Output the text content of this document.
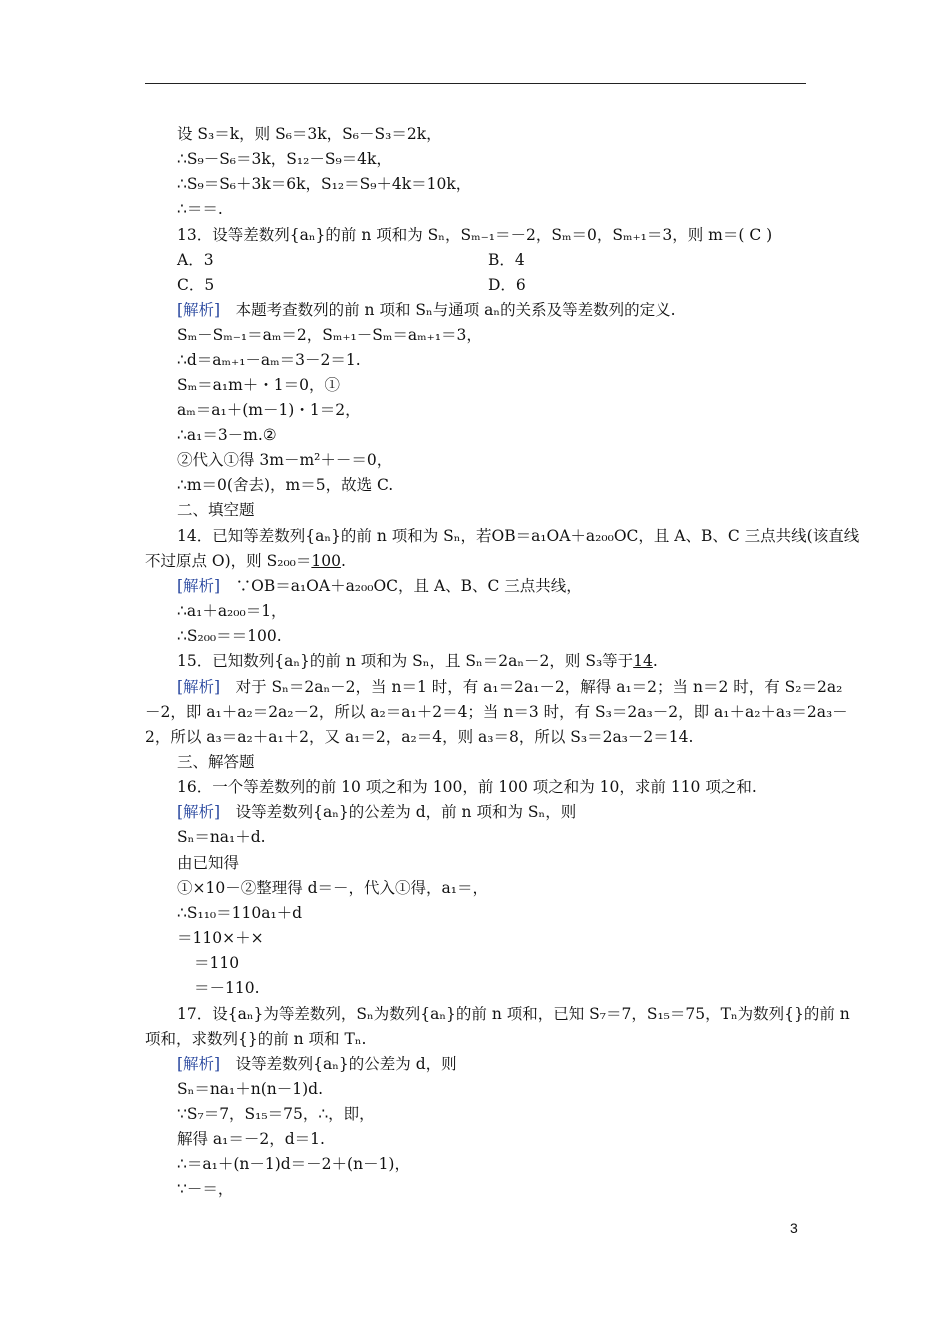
设 S₃＝k，则 S₆＝3k，S₆－S₃＝2k，
∴S₉－S₆＝3k，S₁₂－S₉＝4k，
∴S₉＝S₆＋3k＝6k，S₁₂＝S₉＋4k＝10k，
∴＝＝.
13．设等差数列{aₙ}的前 n 项和为 Sₙ，Sₘ₋₁＝－2，Sₘ＝0，Sₘ₊₁＝3，则 m＝( C )
A．3
C．5
[解析]　本题考查数列的前 n 项和 Sₙ与通项 aₙ的关系及等差数列的定义.
Sₘ－Sₘ₋₁＝aₘ＝2，Sₘ₊₁－Sₘ＝aₘ₊₁＝3，
∴d＝aₘ₊₁－aₘ＝3－2＝1.
Sₘ＝a₁m＋・1＝0，①
aₘ＝a₁＋(m－1)・1＝2，
∴a₁＝3－m.②
②代入①得 3m－m²＋－＝0，
∴m＝0(舍去)，m＝5，故选 C.
二、填空题
14．已知等差数列{aₙ}的前 n 项和为 Sₙ，若OB＝a₁OA＋a₂₀₀OC，且 A、B、C 三点共线(该直线
不过原点 O)，则 S₂₀₀＝100.
[解析]　∵OB＝a₁OA＋a₂₀₀OC，且 A、B、C 三点共线，
∴a₁＋a₂₀₀＝1，
∴S₂₀₀＝＝100.
15．已知数列{aₙ}的前 n 项和为 Sₙ，且 Sₙ＝2aₙ－2，则 S₃等于14.
[解析]　对于 Sₙ＝2aₙ－2，当 n＝1 时，有 a₁＝2a₁－2，解得 a₁＝2；当 n＝2 时，有 S₂＝2a₂
－2，即 a₁＋a₂＝2a₂－2，所以 a₂＝a₁＋2＝4；当 n＝3 时，有 S₃＝2a₃－2，即 a₁＋a₂＋a₃＝2a₃－
2，所以 a₃＝a₂＋a₁＋2，又 a₁＝2，a₂＝4，则 a₃＝8，所以 S₃＝2a₃－2＝14.
三、解答题
16．一个等差数列的前 10 项之和为 100，前 100 项之和为 10，求前 110 项之和.
[解析]　设等差数列{aₙ}的公差为 d，前 n 项和为 Sₙ，则
Sₙ＝na₁＋d.
由已知得
①×10－②整理得 d＝－，代入①得，a₁＝，
∴S₁₁₀＝110a₁＋d
＝110×＋×
＝110
＝－110.
17．设{aₙ}为等差数列，Sₙ为数列{aₙ}的前 n 项和，已知 S₇＝7，S₁₅＝75，Tₙ为数列{}的前 n
项和，求数列{}的前 n 项和 Tₙ.
[解析]　设等差数列{aₙ}的公差为 d，则
Sₙ＝na₁＋n(n－1)d.
∵S₇＝7，S₁₅＝75，∴，即，
解得 a₁＝－2，d＝1.
∴＝a₁＋(n－1)d＝－2＋(n－1)，
∵－＝，
B．4
D．6
3
